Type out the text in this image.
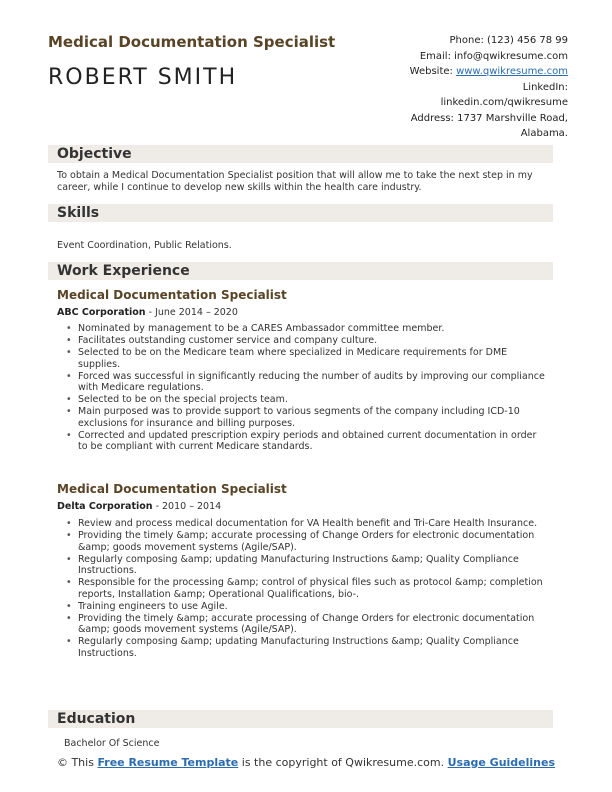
Medical Documentation Specialist
ROBERT SMITH
Phone: (123) 456 78 99
Email: info@qwikresume.com
Website: www.qwikresume.com
LinkedIn:
linkedin.com/qwikresume
Address: 1737 Marshville Road,
Alabama.
Objective
To obtain a Medical Documentation Specialist position that will allow me to take the next step in my career, while I continue to develop new skills within the health care industry.
Skills
Event Coordination, Public Relations.
Work Experience
Medical Documentation Specialist
ABC Corporation - June 2014 – 2020
• Nominated by management to be a CARES Ambassador committee member.
• Facilitates outstanding customer service and company culture.
• Selected to be on the Medicare team where specialized in Medicare requirements for DME supplies.
• Forced was successful in significantly reducing the number of audits by improving our compliance with Medicare regulations.
• Selected to be on the special projects team.
• Main purposed was to provide support to various segments of the company including ICD-10 exclusions for insurance and billing purposes.
• Corrected and updated prescription expiry periods and obtained current documentation in order to be compliant with current Medicare standards.
Medical Documentation Specialist
Delta Corporation - 2010 – 2014
• Review and process medical documentation for VA Health benefit and Tri-Care Health Insurance.
• Providing the timely &amp; accurate processing of Change Orders for electronic documentation &amp; goods movement systems (Agile/SAP).
• Regularly composing &amp; updating Manufacturing Instructions &amp; Quality Compliance Instructions.
• Responsible for the processing &amp; control of physical files such as protocol &amp; completion reports, Installation &amp; Operational Qualifications, bio-.
• Training engineers to use Agile.
• Providing the timely &amp; accurate processing of Change Orders for electronic documentation &amp; goods movement systems (Agile/SAP).
• Regularly composing &amp; updating Manufacturing Instructions &amp; Quality Compliance Instructions.
Education
Bachelor Of Science
© This Free Resume Template is the copyright of Qwikresume.com. Usage Guidelines
